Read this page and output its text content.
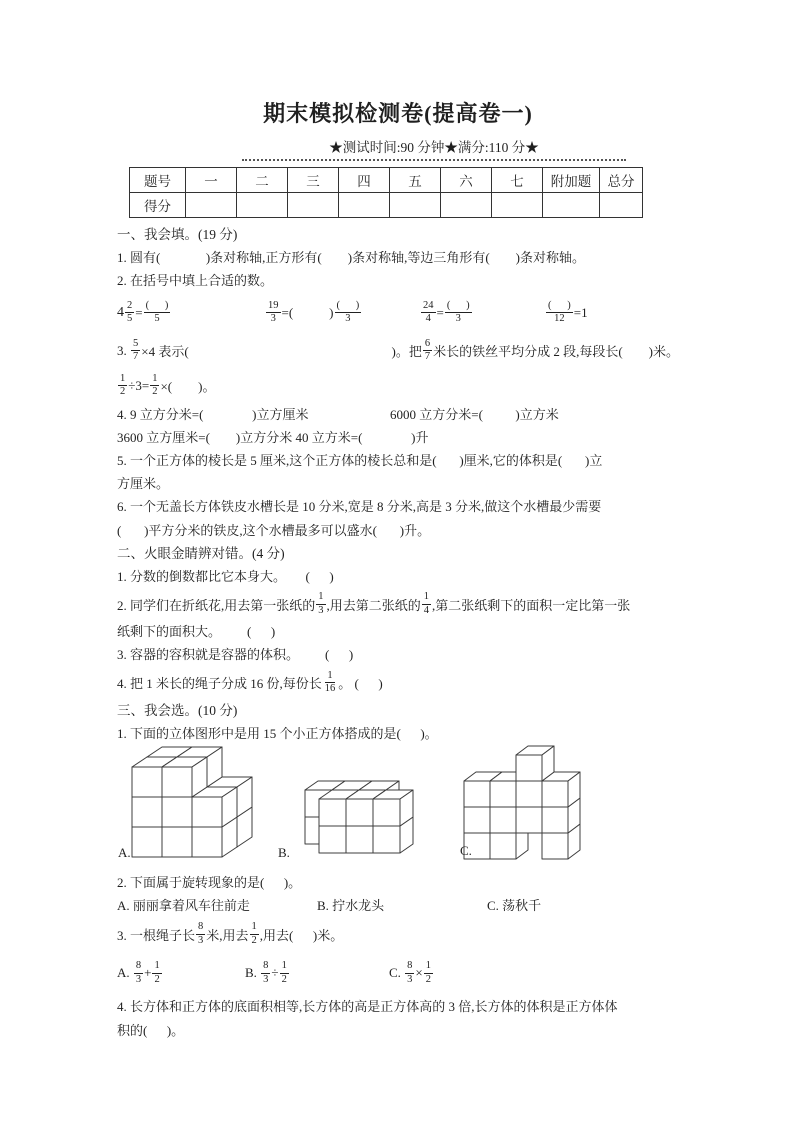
期末模拟检测卷(提高卷一)
★测试时间:90 分钟★满分:110 分★
题号	一	二	三	四	五	六	七	附加题	总分
得分									
一、我会填。(19 分)
1. 圆有(              )条对称轴,正方形有(        )条对称轴,等边三角形有(        )条对称轴。
2. 在括号中填上合适的数。
$4 \frac{2}{5} = \frac{( )}{5}$	$\frac{19}{3}$ =(	) $\frac{( )}{3}$	$\frac{24}{4} = \frac{( )}{3}$	$\frac{( )}{12} =1$
3. $\frac{5}{7} \times 4$ 表示(	)。把 $\frac{6}{7}$ 米长的铁丝平均分成 2 段,每段长(        )米。
$\frac{1}{2} \div 3= \frac{1}{2}$ ×(        )。
4. 9 立方分米=(               )立方厘米	6000 立方分米=(          )立方米
3600 立方厘米=(        )立方分米 40 立方米=(               )升
5. 一个正方体的棱长是 5 厘米,这个正方体的棱长总和是(       )厘米,它的体积是(       )立
方厘米。
6. 一个无盖长方体铁皮水槽长是 10 分米,宽是 8 分米,高是 3 分米,做这个水槽最少需要
(       )平方分米的铁皮,这个水槽最多可以盛水(       )升。
二、火眼金睛辨对错。(4 分)
1. 分数的倒数都比它本身大。      (      )
2. 同学们在折纸花,用去第一张纸的 $\frac{1}{3}$ ,用去第二张纸的 $\frac{1}{4}$ ,第二张纸剩下的面积一定比第一张
纸剩下的面积大。        (      )
3. 容器的容积就是容器的体积。        (      )
4. 把 1 米长的绳子分成 16 份,每份长 $\frac{1}{16}$ 。 (      )
三、我会选。(10 分)
1. 下面的立体图形中是用 15 个小正方体搭成的是(      )。
A.	B.	C.
2. 下面属于旋转现象的是(      )。
A. 丽丽拿着风车往前走	B. 拧水龙头	C. 荡秋千
3. 一根绳子长 $\frac{8}{3}$ 米,用去 $\frac{1}{2}$ ,用去(      )米。
A. $\frac{8}{3} + \frac{1}{2}$	B. $\frac{8}{3} \div \frac{1}{2}$	C. $\frac{8}{3} \times \frac{1}{2}$
4. 长方体和正方体的底面积相等,长方体的高是正方体高的 3 倍,长方体的体积是正方体体
积的(      )。
